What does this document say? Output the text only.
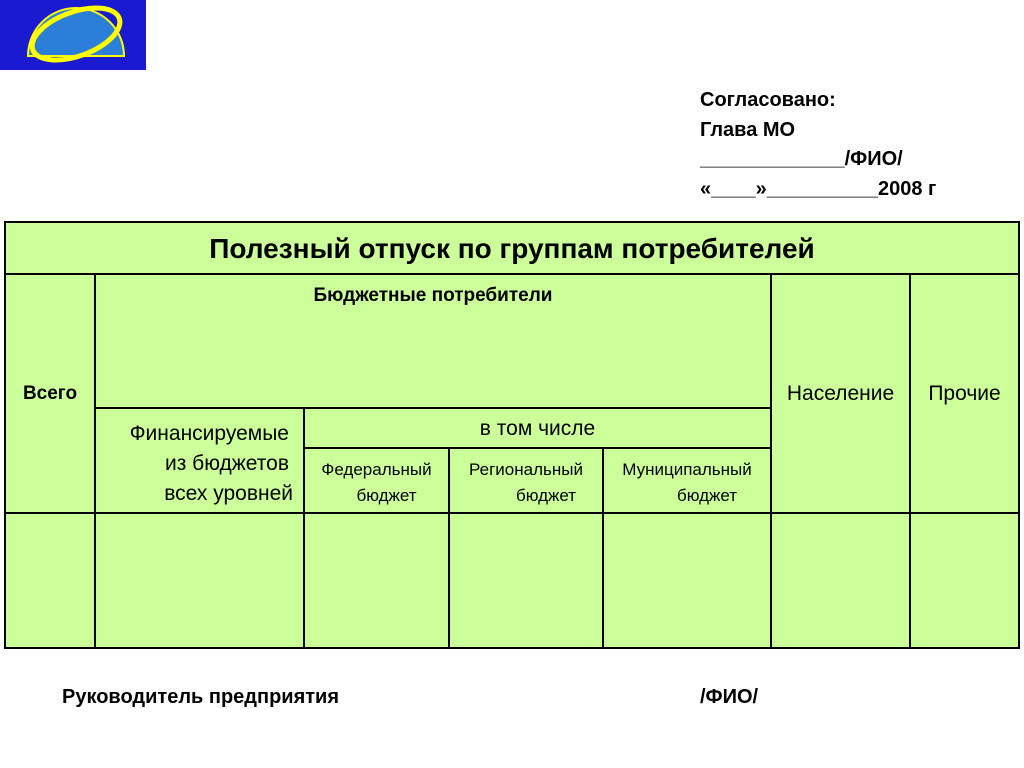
Согласовано:
Глава МО
_____________/ФИО/
«____»__________2008 г
Полезный отпуск по группам потребителей
Всего
Бюджетные потребители
Финансируемые
из бюджетов
всех уровней
в том числе
Федеральный
бюджет
Региональный
бюджет
Муниципальный
бюджет
Население	Прочие
Руководитель предприятия	/ФИО/
